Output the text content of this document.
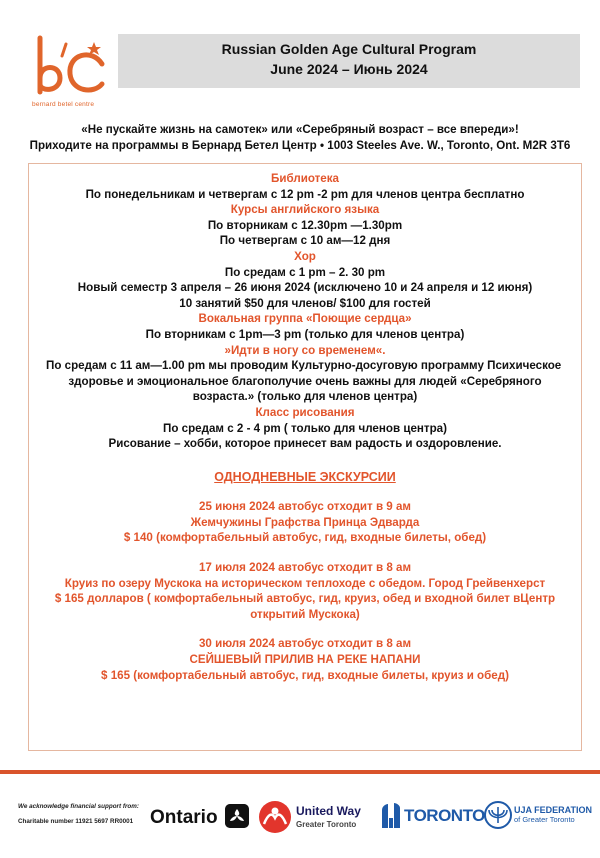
bernard betel centre
Russian Golden Age Cultural Program
June 2024 – Июнь 2024
«Не пускайте жизнь на самотек» или «Серебряный возраст – все впереди»!
Приходите на программы в Бернард Бетел Центр • 1003 Steeles Ave. W., Toronto, Ont. M2R 3T6
Библиотека
По понедельникам и четвергам с 12 pm -2 pm для членов центра бесплатно
Курсы английского языка
По вторникам с 12.30pm —1.30pm
По четвергам с 10 ам—12 дня
Хор
По средам с 1 pm – 2. 30 pm
Новый семестр 3 апреля – 26 июня 2024 (исключено 10 и 24 апреля и 12 июня)
10 занятий $50 для членов/ $100 для гостей
Вокальная группа «Поющие сердца»
По вторникам с 1pm—3 pm (только для членов центра)
»Идти в ногу со временем«.
По средам с 11 ам—1.00 pm мы проводим Культурно-досуговую программу Психическое
здоровье и эмоциональное благополучие очень важны для людей «Серебряного
возраста.» (только для членов центра)
Класс рисования
По средам с 2 - 4 pm ( только для членов центра)
Рисование – хобби, которое принесет вам радость и оздоровление.
ОДНОДНЕВНЫЕ ЭКСКУРСИИ
25 июня 2024 автобус отходит в 9 ам
Жемчужины Графства Принца Эдварда
$ 140 (комфортабельный автобус, гид, входные билеты, обед)
17 июля 2024 автобус отходит в 8 ам
Круиз по озеру Мускока на историческом теплоходе с обедом. Город Грейвенхерст
$ 165 долларов ( комфортабельный автобус, гид, круиз, обед и входной билет вЦентр
открытий Мускока)
30 июля 2024 автобус отходит в 8 ам
СЕЙШЕВЫЙ ПРИЛИВ НА РЕКЕ НАПАНИ
$ 165 (комфортабельный автобус, гид, входные билеты, круиз и обед)
We acknowledge financial support from:
Charitable number 11921 5697 RR0001 Ontario	United Way
Greater Toronto	TORONTO	UJA FEDERATION
of Greater Toronto
